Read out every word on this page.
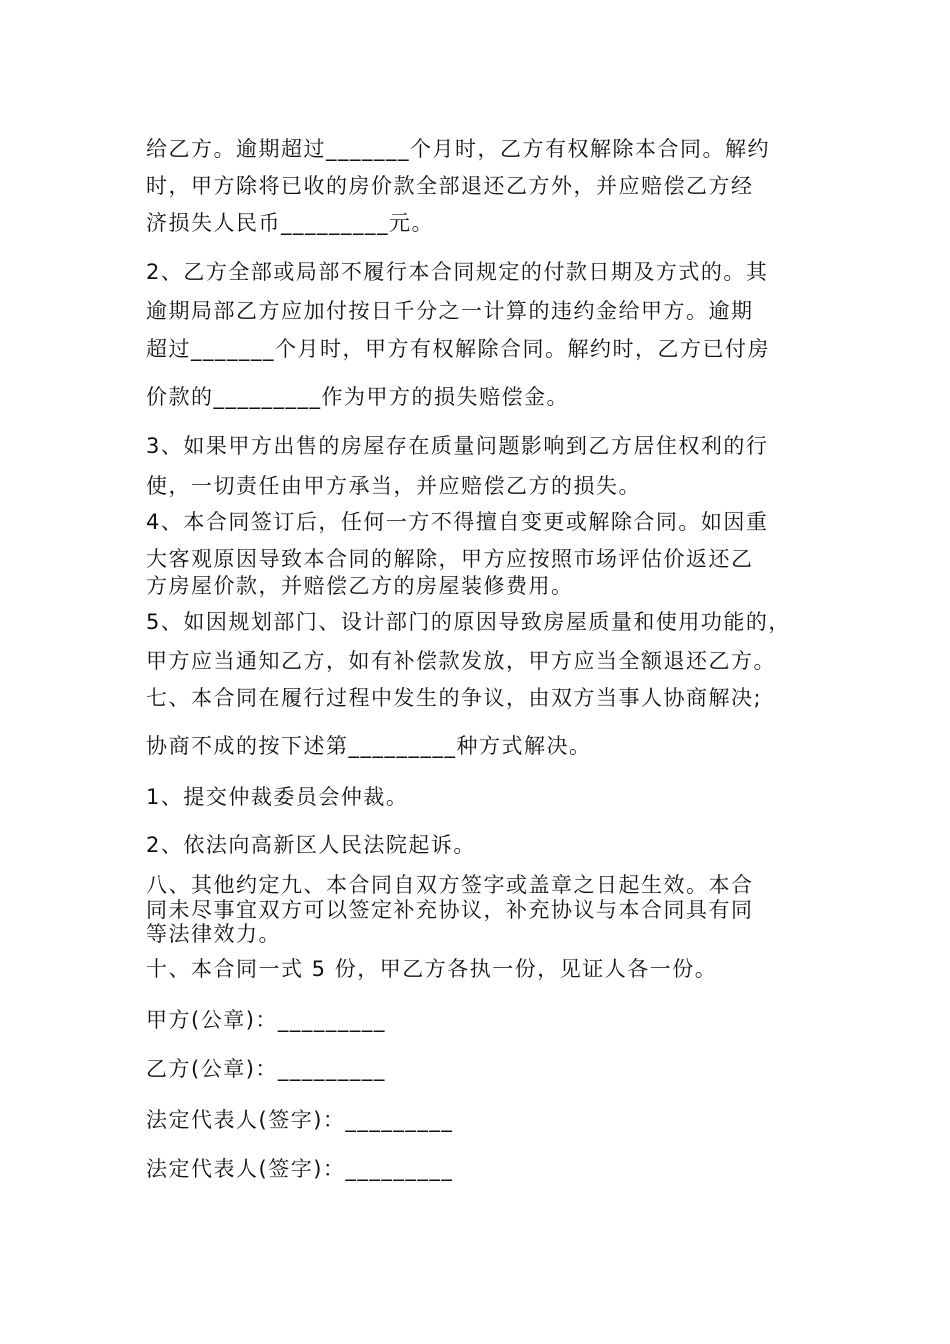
给乙方。逾期超过_______个月时，乙方有权解除本合同。解约
时，甲方除将已收的房价款全部退还乙方外，并应赔偿乙方经
济损失人民币_________元。
2、乙方全部或局部不履行本合同规定的付款日期及方式的。其
逾期局部乙方应加付按日千分之一计算的违约金给甲方。逾期
超过_______个月时，甲方有权解除合同。解约时，乙方已付房
价款的_________作为甲方的损失赔偿金。
3、如果甲方出售的房屋存在质量问题影响到乙方居住权利的行
使，一切责任由甲方承当，并应赔偿乙方的损失。
4、本合同签订后，任何一方不得擅自变更或解除合同。如因重
大客观原因导致本合同的解除，甲方应按照市场评估价返还乙
方房屋价款，并赔偿乙方的房屋装修费用。
5、如因规划部门、设计部门的原因导致房屋质量和使用功能的，
甲方应当通知乙方，如有补偿款发放，甲方应当全额退还乙方。
七、本合同在履行过程中发生的争议，由双方当事人协商解决;
协商不成的按下述第_________种方式解决。
1、提交仲裁委员会仲裁。
2、依法向高新区人民法院起诉。
八、其他约定九、本合同自双方签字或盖章之日起生效。本合
同未尽事宜双方可以签定补充协议，补充协议与本合同具有同
等法律效力。
十、本合同一式 5 份，甲乙方各执一份，见证人各一份。
甲方(公章)：_________
乙方(公章)：_________
法定代表人(签字)：_________
法定代表人(签字)：_________
